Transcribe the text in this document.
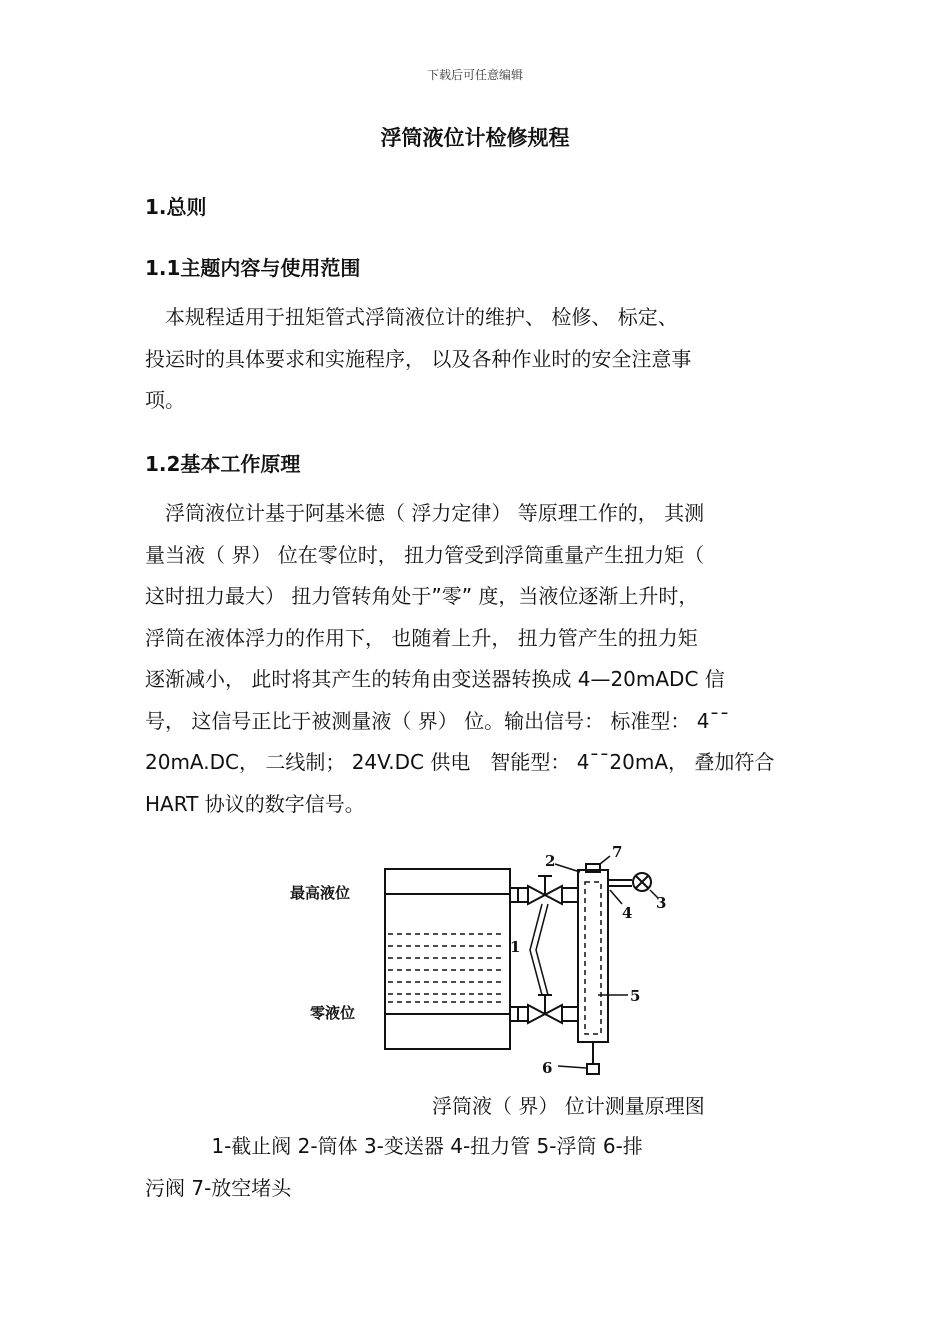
下载后可任意编辑
浮筒液位计检修规程
1.总则
1.1主题内容与使用范围
　本规程适用于扭矩管式浮筒液位计的维护、 检修、 标定、
投运时的具体要求和实施程序， 以及各种作业时的安全注意事
项。
1.2基本工作原理
　浮筒液位计基于阿基米德（ 浮力定律） 等原理工作的， 其测
量当液（ 界） 位在零位时， 扭力管受到浮筒重量产生扭力矩（
这时扭力最大） 扭力管转角处于”零” 度，当液位逐渐上升时，
浮筒在液体浮力的作用下， 也随着上升， 扭力管产生的扭力矩
逐渐减小， 此时将其产生的转角由变送器转换成 4—20mADC 信
号， 这信号正比于被测量液（ 界） 位。输出信号： 标准型： 4¯¯
20mA.DC， 二线制； 24V.DC 供电　智能型： 4¯¯20mA， 叠加符合
HART 协议的数字信号。
最高液位
零液位
1
2
3
4
5
6
7
浮筒液（ 界） 位计测量原理图
　　　 1-截止阀 2-筒体 3-变送器 4-扭力管 5-浮筒 6-排
污阀 7-放空堵头
